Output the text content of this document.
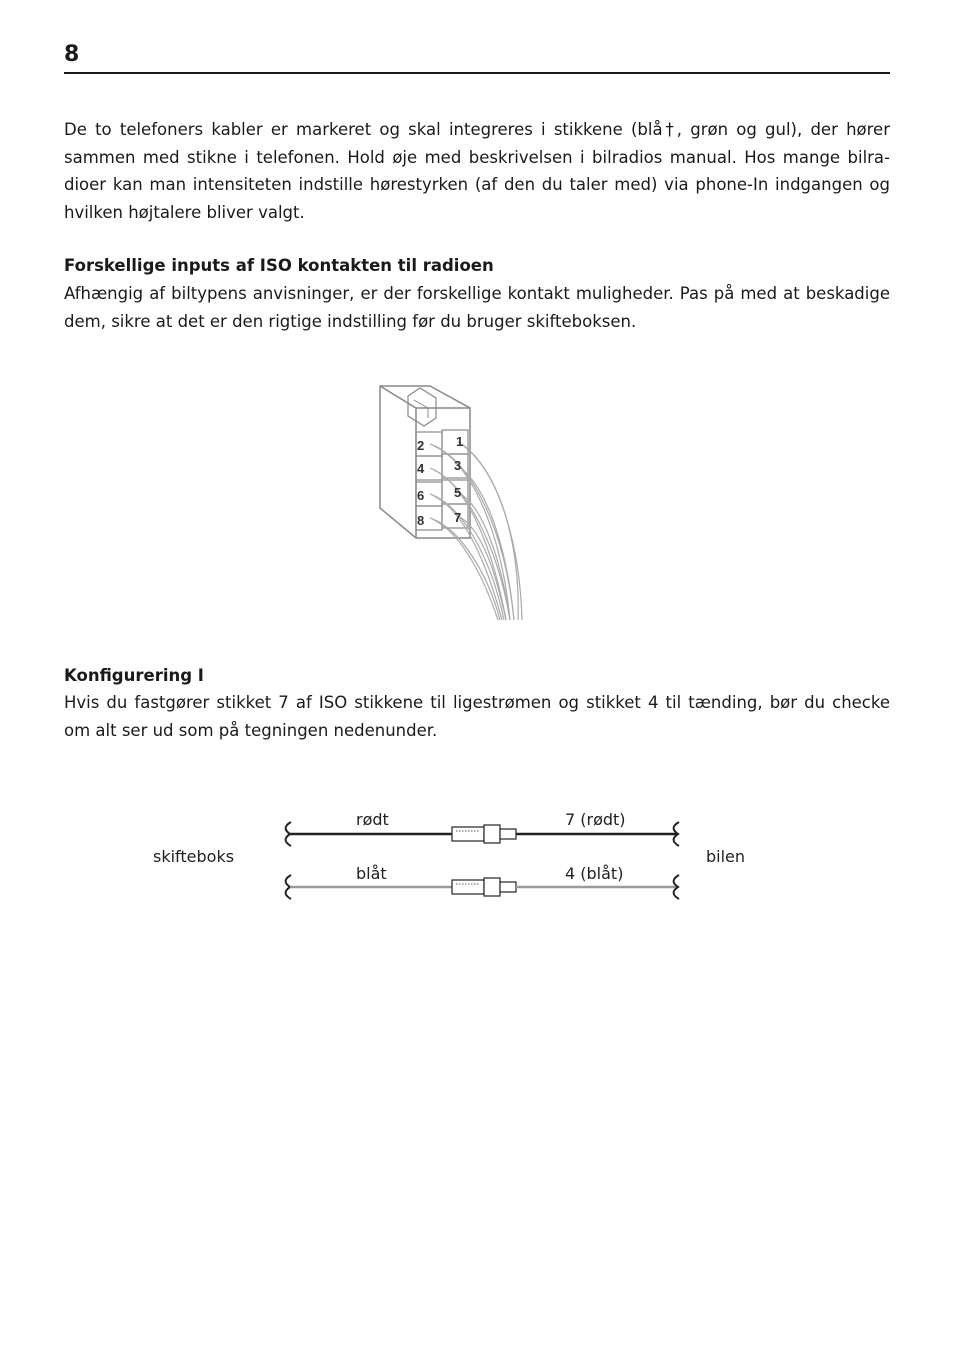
8

De to telefoners kabler er markeret og skal integreres i stikkene (blå†, grøn og gul), der hører sammen med stikne i telefonen. Hold øje med beskrivelsen i bilradios manual. Hos mange bilra-dioer kan man intensiteten indstille hørestyrken (af den du taler med) via phone-In indgangen og hvilken højtalere bliver valgt.

Forskellige inputs af ISO kontakten til radioen

Afhængig af biltypens anvisninger, er der forskellige kontakt muligheder. Pas på med at beskadige dem, sikre at det er den rigtige indstilling før du bruger skifteboksen.

1
2
3
4
5
6
7
8
Konfigurering I

Hvis du fastgører stikket 7 af ISO stikkene til ligestrømen og stikket 4 til tænding, bør du checke om alt ser ud som på tegningen nedenunder.

skifteboks	bilen
rødt	7 (rødt)
blåt	4 (blåt)
